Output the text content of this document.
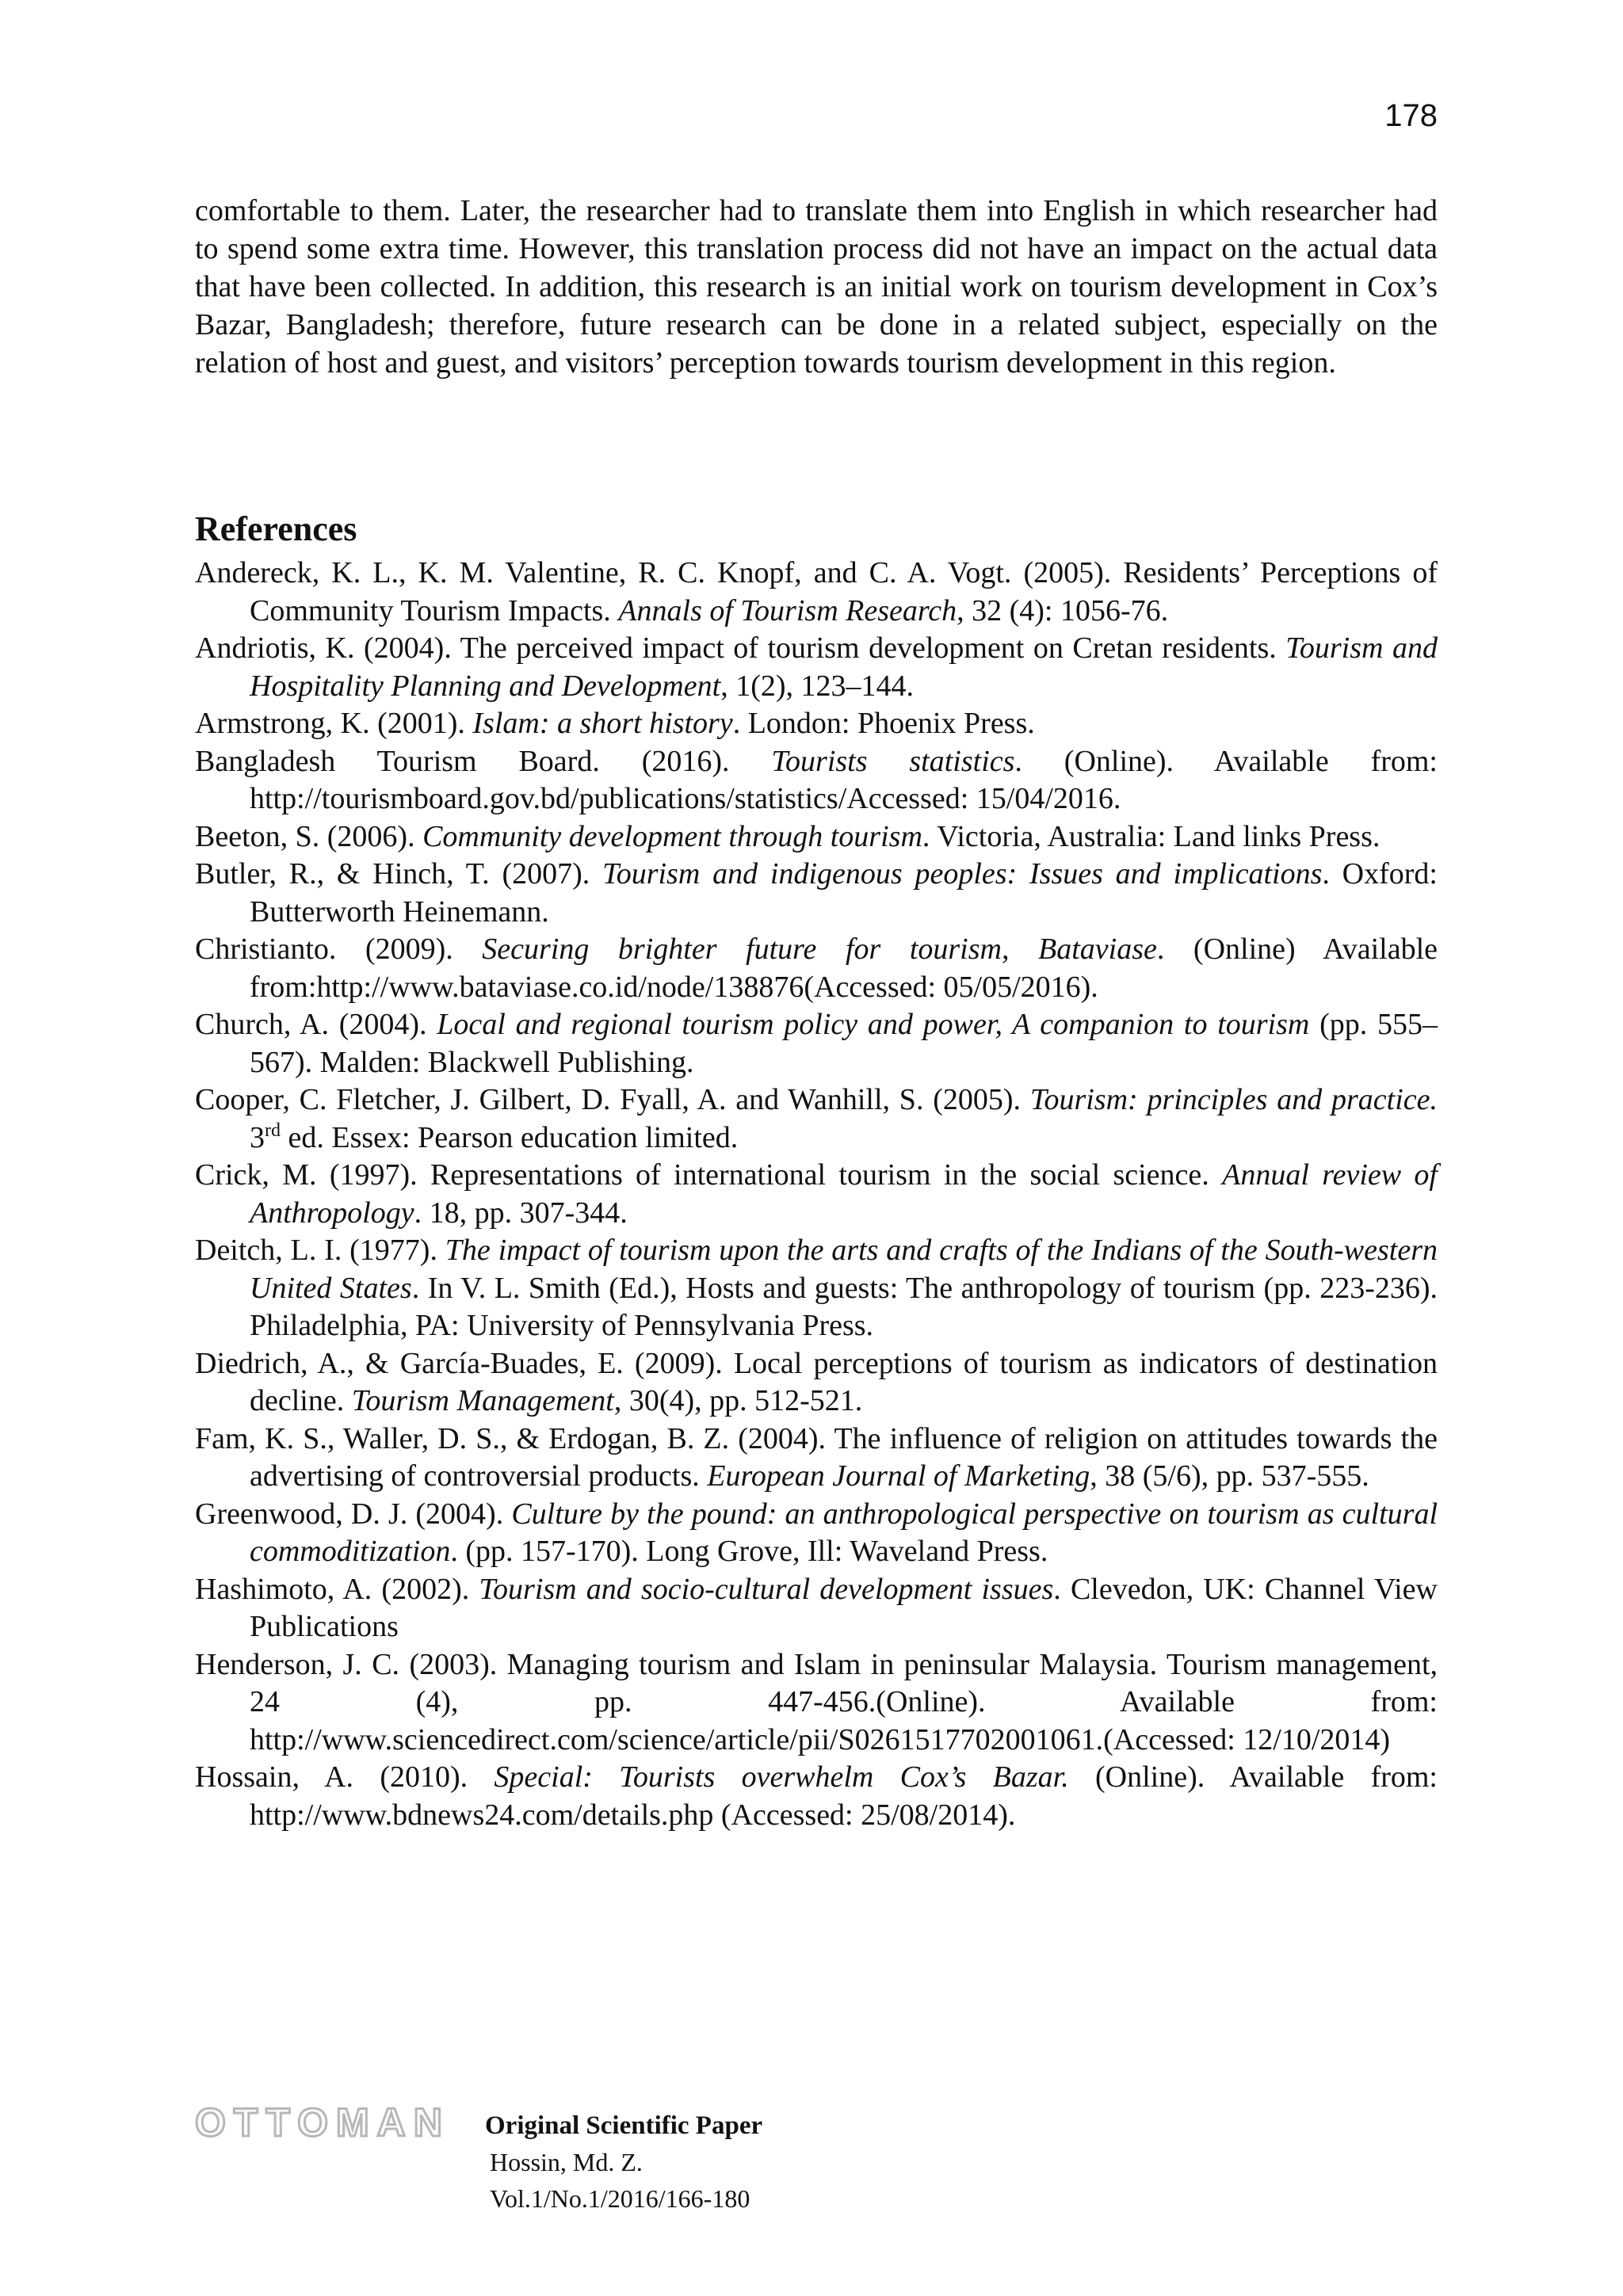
178

comfortable to them. Later, the researcher had to translate them into English in which researcher had to spend some extra time. However, this translation process did not have an impact on the actual data that have been collected. In addition, this research is an initial work on tourism development in Cox’s Bazar, Bangladesh; therefore, future research can be done in a related subject, especially on the relation of host and guest, and visitors’ perception towards tourism development in this region.

References
Andereck, K. L., K. M. Valentine, R. C. Knopf, and C. A. Vogt. (2005). Residents’ Perceptions of Community Tourism Impacts. Annals of Tourism Research, 32 (4): 1056-76.
Andriotis, K. (2004). The perceived impact of tourism development on Cretan residents. Tourism and Hospitality Planning and Development, 1(2), 123–144.
Armstrong, K. (2001). Islam: a short history. London: Phoenix Press.
Bangladesh Tourism Board. (2016). Tourists statistics. (Online). Available from: http://tourismboard.gov.bd/publications/statistics/Accessed: 15/04/2016.
Beeton, S. (2006). Community development through tourism. Victoria, Australia: Land links Press.
Butler, R., & Hinch, T. (2007). Tourism and indigenous peoples: Issues and implications. Oxford: Butterworth Heinemann.
Christianto. (2009). Securing brighter future for tourism, Bataviase. (Online) Available from:http://www.bataviase.co.id/node/138876(Accessed: 05/05/2016).
Church, A. (2004). Local and regional tourism policy and power, A companion to tourism (pp. 555–567). Malden: Blackwell Publishing.
Cooper, C. Fletcher, J. Gilbert, D. Fyall, A. and Wanhill, S. (2005). Tourism: principles and practice. 3rd ed. Essex: Pearson education limited.
Crick, M. (1997). Representations of international tourism in the social science. Annual review of Anthropology. 18, pp. 307-344.
Deitch, L. I. (1977). The impact of tourism upon the arts and crafts of the Indians of the South-western United States. In V. L. Smith (Ed.), Hosts and guests: The anthropology of tourism (pp. 223-236). Philadelphia, PA: University of Pennsylvania Press.
Diedrich, A., & García-Buades, E. (2009). Local perceptions of tourism as indicators of destination decline. Tourism Management, 30(4), pp. 512-521.
Fam, K. S., Waller, D. S., & Erdogan, B. Z. (2004). The influence of religion on attitudes towards the advertising of controversial products. European Journal of Marketing, 38 (5/6), pp. 537-555.
Greenwood, D. J. (2004). Culture by the pound: an anthropological perspective on tourism as cultural commoditization. (pp. 157-170). Long Grove, Ill: Waveland Press.
Hashimoto, A. (2002). Tourism and socio-cultural development issues. Clevedon, UK: Channel View Publications
Henderson, J. C. (2003). Managing tourism and Islam in peninsular Malaysia. Tourism management, 24 (4), pp. 447-456.(Online). Available from: http://www.sciencedirect.com/science/article/pii/S0261517702001061.(Accessed: 12/10/2014)
Hossain, A. (2010). Special: Tourists overwhelm Cox’s Bazar. (Online). Available from: http://www.bdnews24.com/details.php (Accessed: 25/08/2014).
OTTOMAN Original Scientific Paper
Hossin, Md. Z.
Vol.1/No.1/2016/166-180
